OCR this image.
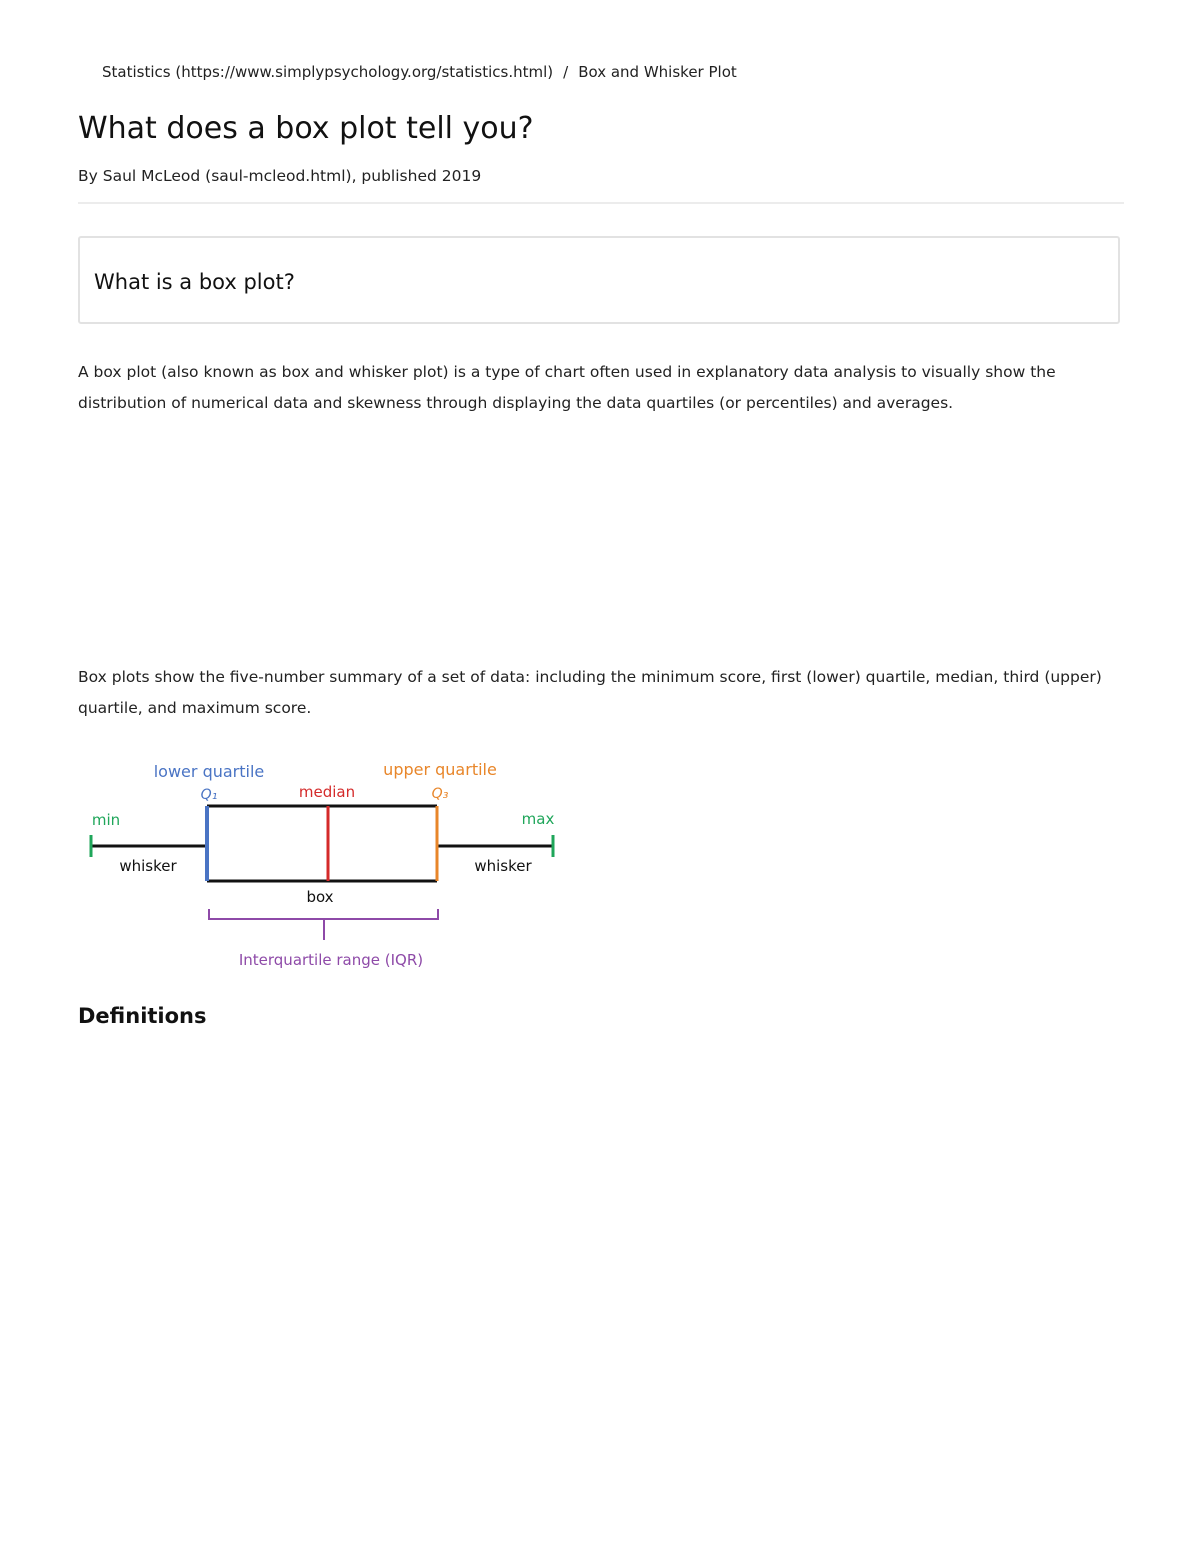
Statistics (https://www.simplypsychology.org/statistics.html) / Box and Whisker Plot
What does a box plot tell you?
By Saul McLeod (saul-mcleod.html), published 2019
What is a box plot?

A box plot (also known as box and whisker plot) is a type of chart often used in explanatory data analysis to visually show the distribution of numerical data and skewness through displaying the data quartiles (or percentiles) and averages.

Box plots show the five-number summary of a set of data: including the minimum score, first (lower) quartile, median, third (upper) quartile, and maximum score.

lower quartile
Q₁	median
upper quartile
Q₃
min	max
whisker	whisker
box
Interquartile range (IQR)
Definitions
